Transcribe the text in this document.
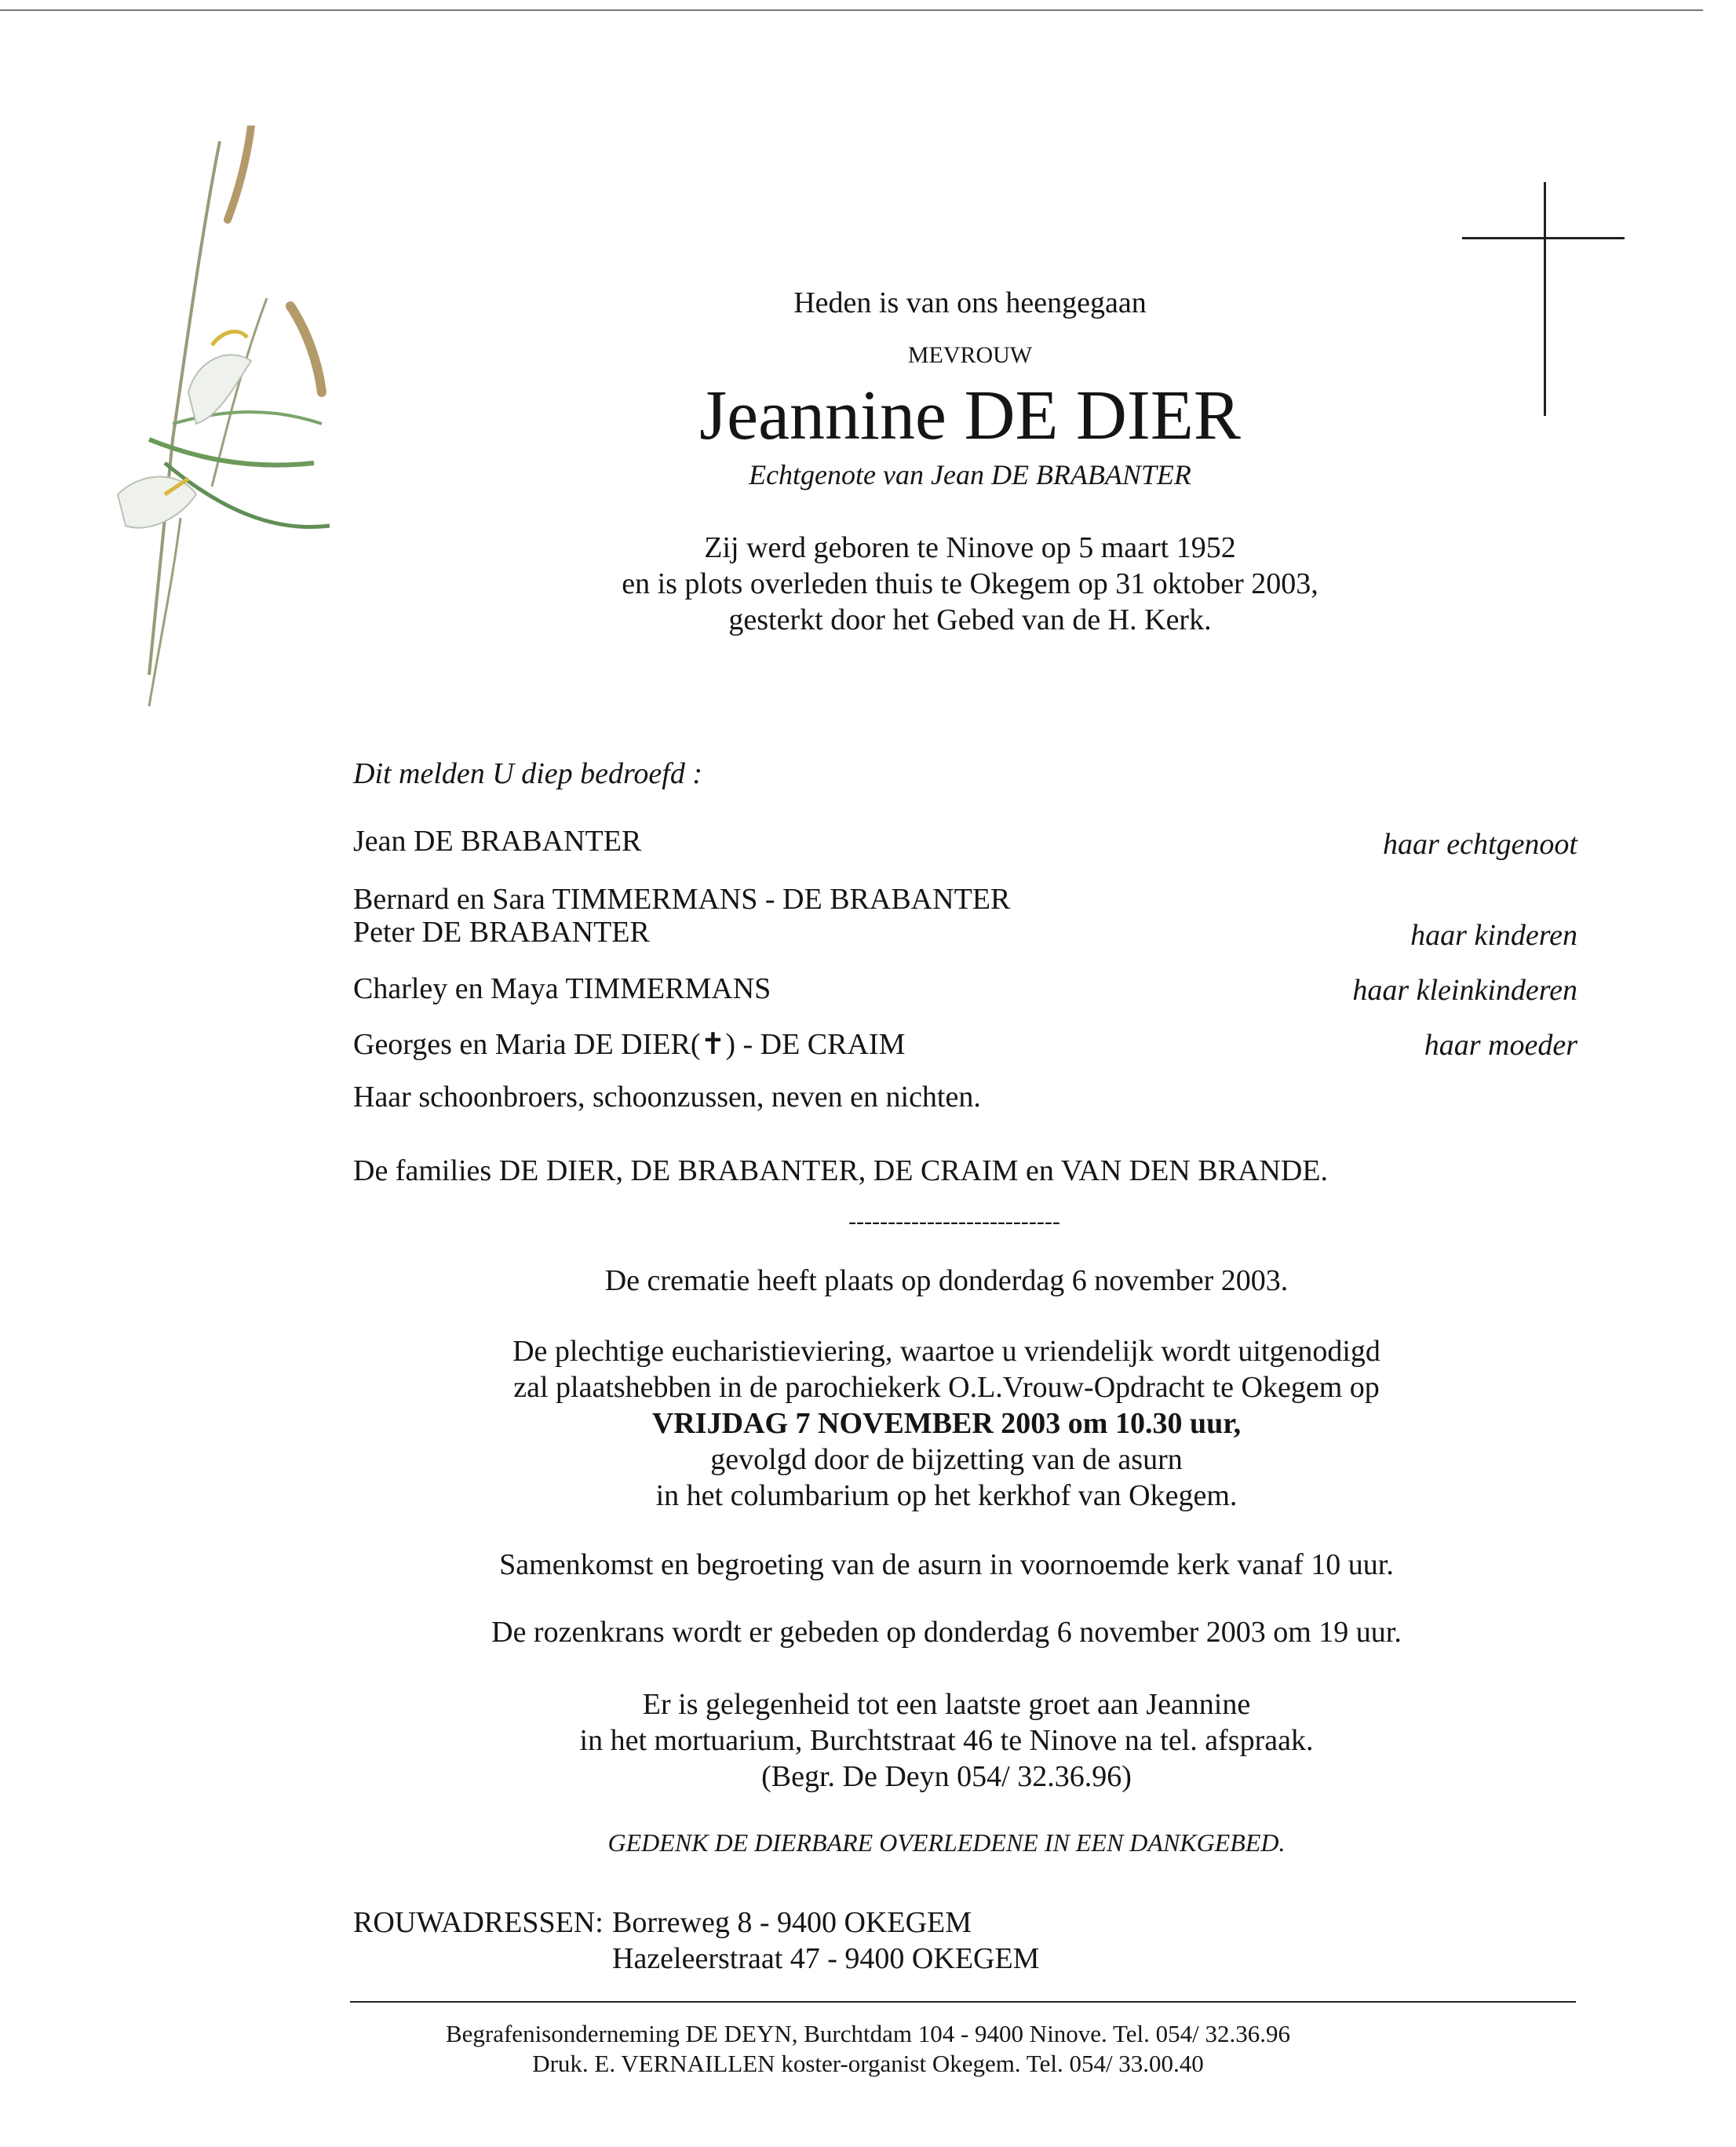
Heden is van ons heengegaan
MEVROUW
Jeannine DE DIER
Echtgenote van Jean DE BRABANTER
Zij werd geboren te Ninove op 5 maart 1952
en is plots overleden thuis te Okegem op 31 oktober 2003,
gesterkt door het Gebed van de H. Kerk.
Dit melden U diep bedroefd :
Jean DE BRABANTER	haar echtgenoot
Bernard en Sara TIMMERMANS - DE BRABANTER
Peter DE BRABANTER	haar kinderen
Charley en Maya TIMMERMANS	haar kleinkinderen
Georges en Maria DE DIER(✝) - DE CRAIM	haar moeder
Haar schoonbroers, schoonzussen, neven en nichten.
De families DE DIER, DE BRABANTER, DE CRAIM en VAN DEN BRANDE.
---------------------------
De crematie heeft plaats op donderdag 6 november 2003.
De plechtige eucharistieviering, waartoe u vriendelijk wordt uitgenodigd
zal plaatshebben in de parochiekerk O.L.Vrouw-Opdracht te Okegem op
VRIJDAG 7 NOVEMBER 2003 om 10.30 uur,
gevolgd door de bijzetting van de asurn
in het columbarium op het kerkhof van Okegem.
Samenkomst en begroeting van de asurn in voornoemde kerk vanaf 10 uur.
De rozenkrans wordt er gebeden op donderdag 6 november 2003 om 19 uur.
Er is gelegenheid tot een laatste groet aan Jeannine
in het mortuarium, Burchtstraat 46 te Ninove na tel. afspraak.
(Begr. De Deyn 054/ 32.36.96)
GEDENK DE DIERBARE OVERLEDENE IN EEN DANKGEBED.
ROUWADRESSEN: Borreweg 8 - 9400 OKEGEM
Hazeleerstraat 47 - 9400 OKEGEM
Begrafenisonderneming DE DEYN, Burchtdam 104 - 9400 Ninove. Tel. 054/ 32.36.96
Druk. E. VERNAILLEN koster-organist Okegem. Tel. 054/ 33.00.40
